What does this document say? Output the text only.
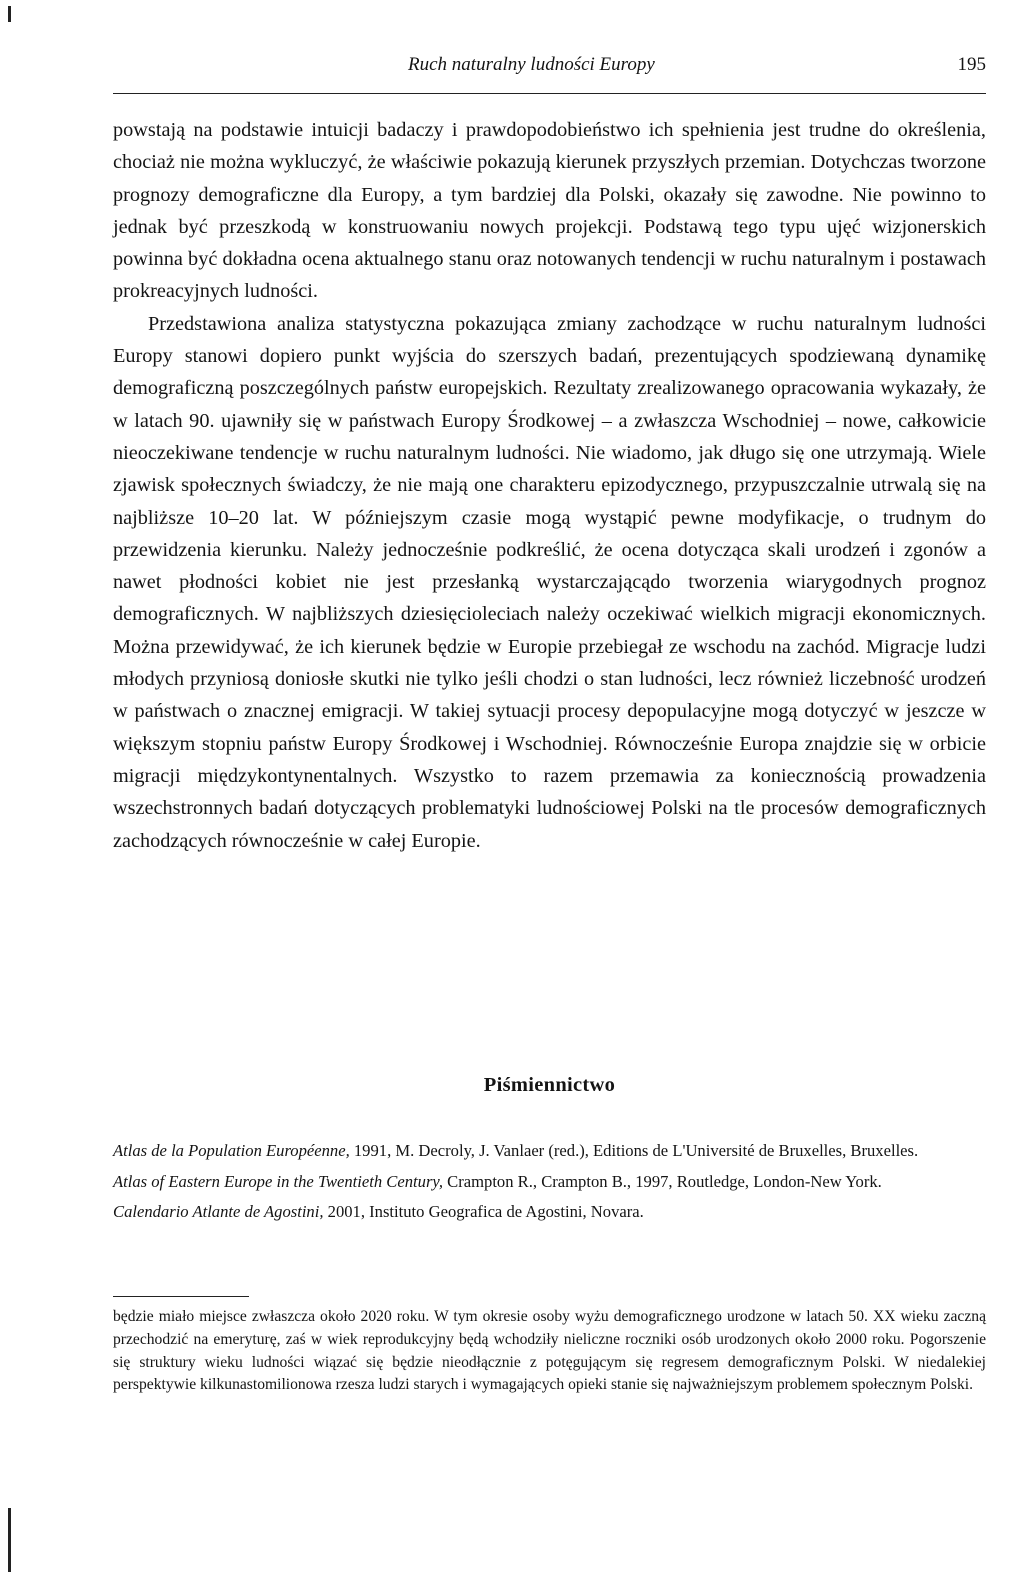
Ruch naturalny ludności Europy	195

powstają na podstawie intuicji badaczy i prawdopodobieństwo ich spełnienia jest trudne do określenia, chociaż nie można wykluczyć, że właściwie pokazują kierunek przyszłych przemian. Dotychczas tworzone prognozy demograficzne dla Europy, a tym bardziej dla Polski, okazały się zawodne. Nie powinno to jednak być przeszkodą w konstruowaniu nowych projekcji. Podstawą tego typu ujęć wizjonerskich powinna być dokładna ocena aktualnego stanu oraz notowanych tendencji w ruchu naturalnym i postawach prokreacyjnych ludności.

Przedstawiona analiza statystyczna pokazująca zmiany zachodzące w ruchu naturalnym ludności Europy stanowi dopiero punkt wyjścia do szerszych badań, prezentujących spodziewaną dynamikę demograficzną poszczególnych państw europejskich. Rezultaty zrealizowanego opracowania wykazały, że w latach 90. ujawniły się w państwach Europy Środkowej – a zwłaszcza Wschodniej – nowe, całkowicie nieoczekiwane tendencje w ruchu naturalnym ludności. Nie wiadomo, jak długo się one utrzymają. Wiele zjawisk społecznych świadczy, że nie mają one charakteru epizodycznego, przypuszczalnie utrwalą się na najbliższe 10–20 lat. W późniejszym czasie mogą wystąpić pewne modyfikacje, o trudnym do przewidzenia kierunku. Należy jednocześnie podkreślić, że ocena dotycząca skali urodzeń i zgonów a nawet płodności kobiet nie jest przesłanką wystarczającądo tworzenia wiarygodnych prognoz demograficznych. W najbliższych dziesięcioleciach należy oczekiwać wielkich migracji ekonomicznych. Można przewidywać, że ich kierunek będzie w Europie przebiegał ze wschodu na zachód. Migracje ludzi młodych przyniosą doniosłe skutki nie tylko jeśli chodzi o stan ludności, lecz również liczebność urodzeń w państwach o znacznej emigracji. W takiej sytuacji procesy depopulacyjne mogą dotyczyć w jeszcze w większym stopniu państw Europy Środkowej i Wschodniej. Równocześnie Europa znajdzie się w orbicie migracji międzykontynentalnych. Wszystko to razem przemawia za koniecznością prowadzenia wszechstronnych badań dotyczących problematyki ludnościowej Polski na tle procesów demograficznych zachodzących równocześnie w całej Europie.

Piśmiennictwo
Atlas de la Population Européenne, 1991, M. Decroly, J. Vanlaer (red.), Editions de L'Université de Bruxelles, Bruxelles.
Atlas of Eastern Europe in the Twentieth Century, Crampton R., Crampton B., 1997, Routledge, London-New York.
Calendario Atlante de Agostini, 2001, Instituto Geografica de Agostini, Novara.
będzie miało miejsce zwłaszcza około 2020 roku. W tym okresie osoby wyżu demograficznego urodzone w latach 50. XX wieku zaczną przechodzić na emeryturę, zaś w wiek reprodukcyjny będą wchodziły nieliczne roczniki osób urodzonych około 2000 roku. Pogorszenie się struktury wieku ludności wiązać się będzie nieodłącznie z potęgującym się regresem demograficznym Polski. W niedalekiej perspektywie kilkunastomilionowa rzesza ludzi starych i wymagających opieki stanie się najważniejszym problemem społecznym Polski.
